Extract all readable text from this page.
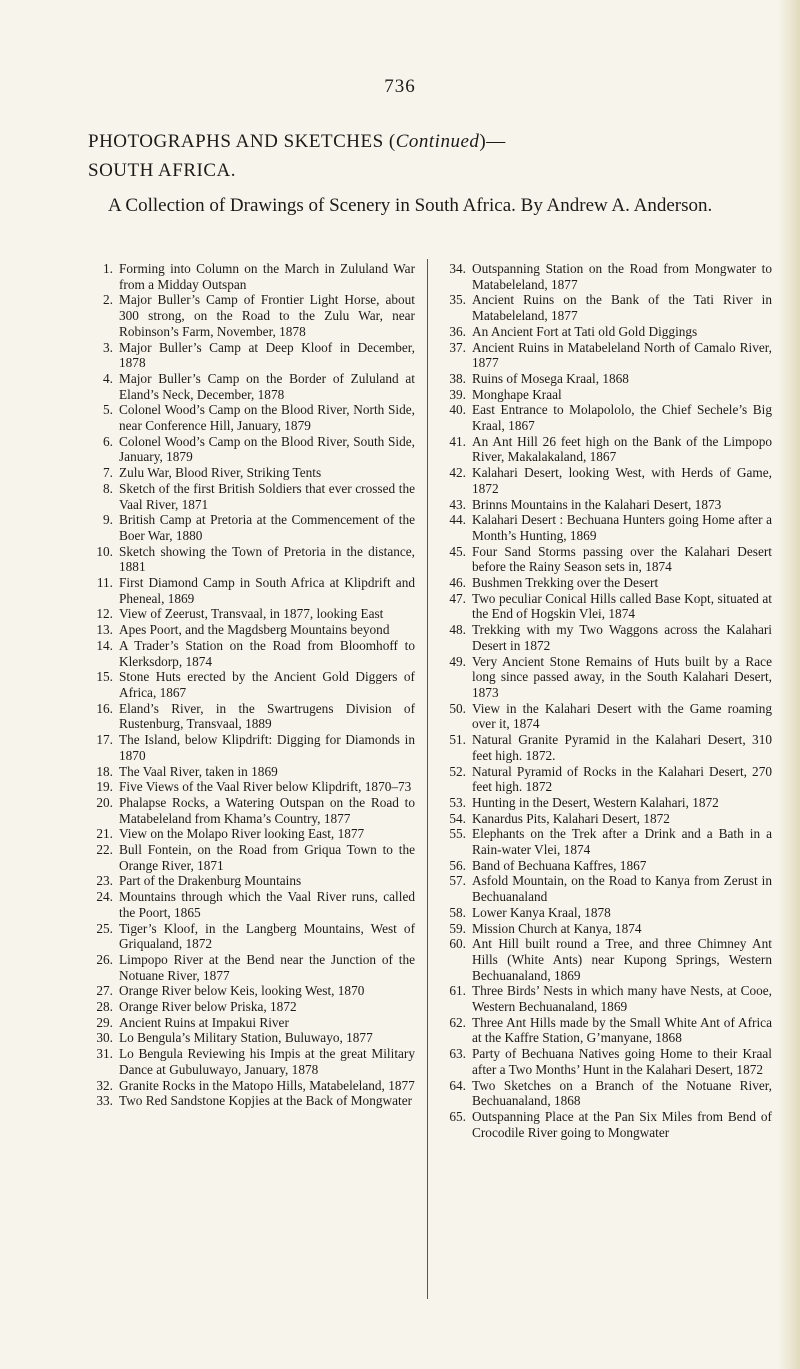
736
PHOTOGRAPHS AND SKETCHES (Continued)—
SOUTH AFRICA.
A Collection of Drawings of Scenery in South Africa. By Andrew A. Anderson.
1. Forming into Column on the March in Zululand War from a Midday Outspan
2. Major Buller’s Camp of Frontier Light Horse, about 300 strong, on the Road to the Zulu War, near Robinson’s Farm, November, 1878
3. Major Buller’s Camp at Deep Kloof in December, 1878
4. Major Buller’s Camp on the Border of Zululand at Eland’s Neck, December, 1878
5. Colonel Wood’s Camp on the Blood River, North Side, near Conference Hill, January, 1879
6. Colonel Wood’s Camp on the Blood River, South Side, January, 1879
7. Zulu War, Blood River, Striking Tents
8. Sketch of the first British Soldiers that ever crossed the Vaal River, 1871
9. British Camp at Pretoria at the Commencement of the Boer War, 1880
10. Sketch showing the Town of Pretoria in the distance, 1881
11. First Diamond Camp in South Africa at Klipdrift and Pheneal, 1869
12. View of Zeerust, Transvaal, in 1877, looking East
13. Apes Poort, and the Magdsberg Mountains beyond
14. A Trader’s Station on the Road from Bloomhoff to Klerksdorp, 1874
15. Stone Huts erected by the Ancient Gold Diggers of Africa, 1867
16. Eland’s River, in the Swartrugens Division of Rustenburg, Transvaal, 1889
17. The Island, below Klipdrift: Digging for Diamonds in 1870
18. The Vaal River, taken in 1869
19. Five Views of the Vaal River below Klipdrift, 1870–73
20. Phalapse Rocks, a Watering Outspan on the Road to Matabeleland from Khama’s Country, 1877
21. View on the Molapo River looking East, 1877
22. Bull Fontein, on the Road from Griqua Town to the Orange River, 1871
23. Part of the Drakenburg Mountains
24. Mountains through which the Vaal River runs, called the Poort, 1865
25. Tiger’s Kloof, in the Langberg Mountains, West of Griqualand, 1872
26. Limpopo River at the Bend near the Junction of the Notuane River, 1877
27. Orange River below Keis, looking West, 1870
28. Orange River below Priska, 1872
29. Ancient Ruins at Impakui River
30. Lo Bengula’s Military Station, Buluwayo, 1877
31. Lo Bengula Reviewing his Impis at the great Military Dance at Gubuluwayo, January, 1878
32. Granite Rocks in the Matopo Hills, Matabeleland, 1877
33. Two Red Sandstone Kopjies at the Back of Mongwater
34. Outspanning Station on the Road from Mongwater to Matabeleland, 1877
35. Ancient Ruins on the Bank of the Tati River in Matabeleland, 1877
36. An Ancient Fort at Tati old Gold Diggings
37. Ancient Ruins in Matabeleland North of Camalo River, 1877
38. Ruins of Mosega Kraal, 1868
39. Monghape Kraal
40. East Entrance to Molapololo, the Chief Sechele’s Big Kraal, 1867
41. An Ant Hill 26 feet high on the Bank of the Limpopo River, Makalakaland, 1867
42. Kalahari Desert, looking West, with Herds of Game, 1872
43. Brinns Mountains in the Kalahari Desert, 1873
44. Kalahari Desert : Bechuana Hunters going Home after a Month’s Hunting, 1869
45. Four Sand Storms passing over the Kalahari Desert before the Rainy Season sets in, 1874
46. Bushmen Trekking over the Desert
47. Two peculiar Conical Hills called Base Kopt, situated at the End of Hogskin Vlei, 1874
48. Trekking with my Two Waggons across the Kalahari Desert in 1872
49. Very Ancient Stone Remains of Huts built by a Race long since passed away, in the South Kalahari Desert, 1873
50. View in the Kalahari Desert with the Game roaming over it, 1874
51. Natural Granite Pyramid in the Kalahari Desert, 310 feet high. 1872.
52. Natural Pyramid of Rocks in the Kalahari Desert, 270 feet high. 1872
53. Hunting in the Desert, Western Kalahari, 1872
54. Kanardus Pits, Kalahari Desert, 1872
55. Elephants on the Trek after a Drink and a Bath in a Rain-water Vlei, 1874
56. Band of Bechuana Kaffres, 1867
57. Asfold Mountain, on the Road to Kanya from Zerust in Bechuanaland
58. Lower Kanya Kraal, 1878
59. Mission Church at Kanya, 1874
60. Ant Hill built round a Tree, and three Chimney Ant Hills (White Ants) near Kupong Springs, Western Bechuanaland, 1869
61. Three Birds’ Nests in which many have Nests, at Cooe, Western Bechuanaland, 1869
62. Three Ant Hills made by the Small White Ant of Africa at the Kaffre Station, G’manyane, 1868
63. Party of Bechuana Natives going Home to their Kraal after a Two Months’ Hunt in the Kalahari Desert, 1872
64. Two Sketches on a Branch of the Notuane River, Bechuanaland, 1868
65. Outspanning Place at the Pan Six Miles from Bend of Crocodile River going to Mongwater
